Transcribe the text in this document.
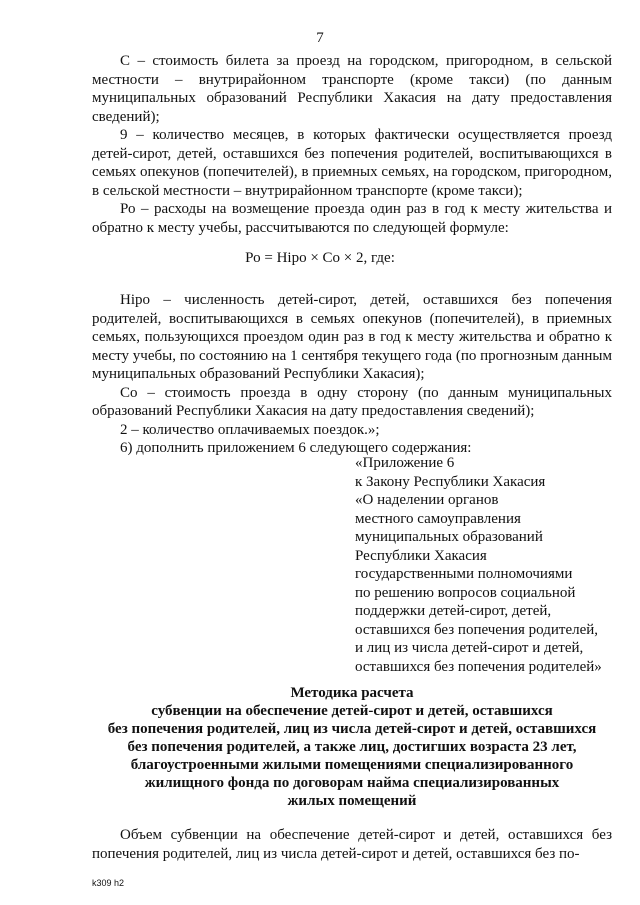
7

С – стоимость билета за проезд на городском, пригородном, в сельской местности – внутрирайонном транспорте (кроме такси) (по данным муниципальных образований Республики Хакасия на дату предоставления сведений);

9 – количество месяцев, в которых фактически осуществляется проезд детей-сирот, детей, оставшихся без попечения родителей, воспитывающихся в семьях опекунов (попечителей), в приемных семьях, на городском, пригородном, в сельской местности – внутрирайонном транспорте (кроме такси);

Ро – расходы на возмещение проезда один раз в год к месту жительства и обратно к месту учебы, рассчитываются по следующей формуле:

Ро = Hiро × Со × 2, где:

Hiро – численность детей-сирот, детей, оставшихся без попечения родителей, воспитывающихся в семьях опекунов (попечителей), в приемных семьях, пользующихся проездом один раз в год к месту жительства и обратно к месту учебы, по состоянию на 1 сентября текущего года (по прогнозным данным муниципальных образований Республики Хакасия);

Со – стоимость проезда в одну сторону (по данным муниципальных образований Республики Хакасия на дату предоставления сведений);

2 – количество оплачиваемых поездок.»;

6) дополнить приложением 6 следующего содержания:

«Приложение 6
к Закону Республики Хакасия
«О наделении органов
местного самоуправления
муниципальных образований
Республики Хакасия
государственными полномочиями
по решению вопросов социальной
поддержки детей-сирот, детей,
оставшихся без попечения родителей,
и лиц из числа детей-сирот и детей,
оставшихся без попечения родителей»
Методика расчета
субвенции на обеспечение детей-сирот и детей, оставшихся
без попечения родителей, лиц из числа детей-сирот и детей, оставшихся
без попечения родителей, а также лиц, достигших возраста 23 лет,
благоустроенными жилыми помещениями специализированного
жилищного фонда по договорам найма специализированных
жилых помещений

Объем субвенции на обеспечение детей-сирот и детей, оставшихся без попечения родителей, лиц из числа детей-сирот и детей, оставшихся без по-

k309 h2
